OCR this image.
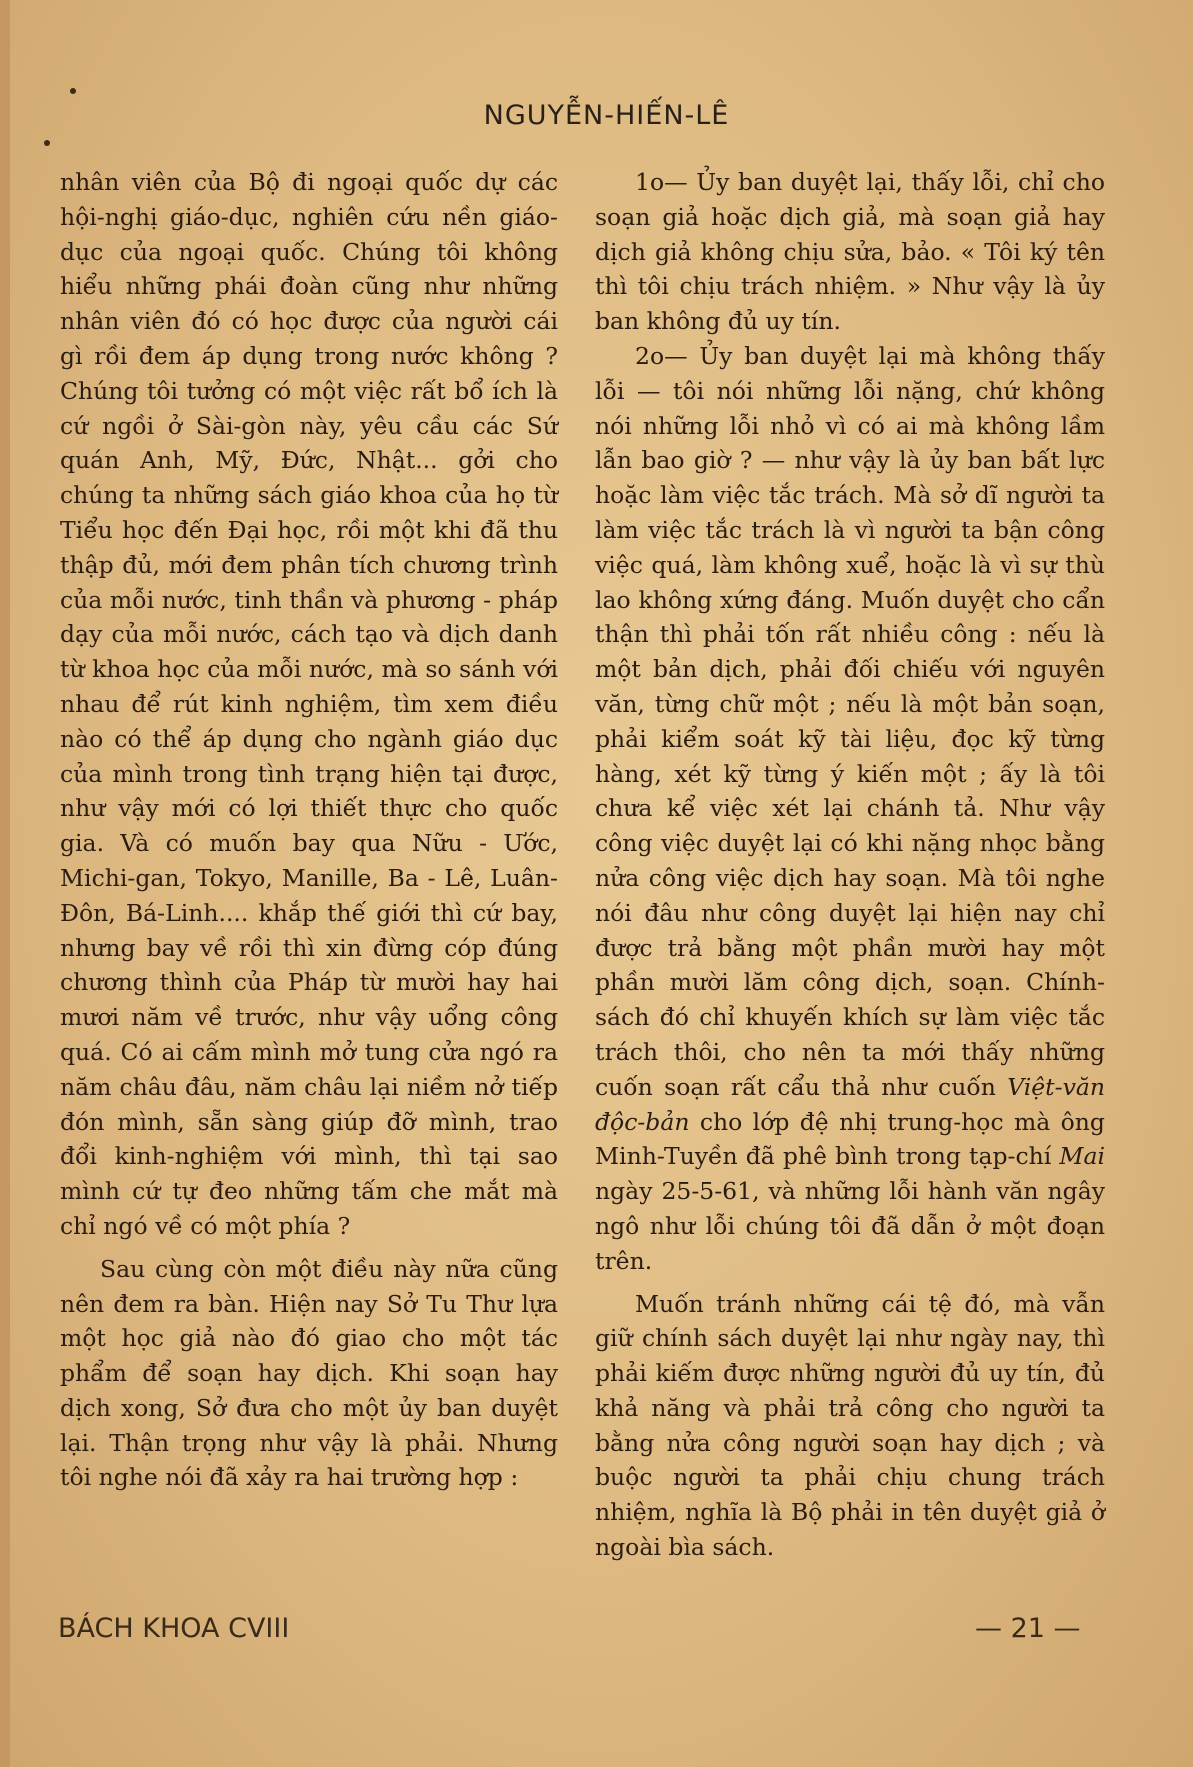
NGUYỄN-HIẾN-LÊ

nhân viên của Bộ đi ngoại quốc dự các hội-nghị giáo-dục, nghiên cứu nền giáo-dục của ngoại quốc. Chúng tôi không hiểu những phái đoàn cũng như những nhân viên đó có học được của người cái gì rồi đem áp dụng trong nước không ? Chúng tôi tưởng có một việc rất bổ ích là cứ ngồi ở Sài-gòn này, yêu cầu các Sứ quán Anh, Mỹ, Đức, Nhật... gởi cho chúng ta những sách giáo khoa của họ từ Tiểu học đến Đại học, rồi một khi đã thu thập đủ, mới đem phân tích chương trình của mỗi nước, tinh thần và phương - pháp dạy của mỗi nước, cách tạo và dịch danh từ khoa học của mỗi nước, mà so sánh với nhau để rút kinh nghiệm, tìm xem điều nào có thể áp dụng cho ngành giáo dục của mình trong tình trạng hiện tại được, như vậy mới có lợi thiết thực cho quốc gia. Và có muốn bay qua Nữu - Ước, Michi-gan, Tokyo, Manille, Ba - Lê, Luân-Đôn, Bá-Linh.... khắp thế giới thì cứ bay, nhưng bay về rồi thì xin đừng cóp đúng chương thình của Pháp từ mười hay hai mươi năm về trước, như vậy uổng công quá. Có ai cấm mình mở tung cửa ngó ra năm châu đâu, năm châu lại niềm nở tiếp đón mình, sẵn sàng giúp đỡ mình, trao đổi kinh-nghiệm với mình, thì tại sao mình cứ tự đeo những tấm che mắt mà chỉ ngó về có một phía ?

Sau cùng còn một điều này nữa cũng nên đem ra bàn. Hiện nay Sở Tu Thư lựa một học giả nào đó giao cho một tác phẩm để soạn hay dịch. Khi soạn hay dịch xong, Sở đưa cho một ủy ban duyệt lại. Thận trọng như vậy là phải. Nhưng tôi nghe nói đã xảy ra hai trường hợp :

1o— Ủy ban duyệt lại, thấy lỗi, chỉ cho soạn giả hoặc dịch giả, mà soạn giả hay dịch giả không chịu sửa, bảo. « Tôi ký tên thì tôi chịu trách nhiệm. » Như vậy là ủy ban không đủ uy tín.

2o— Ủy ban duyệt lại mà không thấy lỗi — tôi nói những lỗi nặng, chứ không nói những lỗi nhỏ vì có ai mà không lầm lẫn bao giờ ? — như vậy là ủy ban bất lực hoặc làm việc tắc trách. Mà sở dĩ người ta làm việc tắc trách là vì người ta bận công việc quá, làm không xuể, hoặc là vì sự thù lao không xứng đáng. Muốn duyệt cho cẩn thận thì phải tốn rất nhiều công : nếu là một bản dịch, phải đối chiếu với nguyên văn, từng chữ một ; nếu là một bản soạn, phải kiểm soát kỹ tài liệu, đọc kỹ từng hàng, xét kỹ từng ý kiến một ; ấy là tôi chưa kể việc xét lại chánh tả. Như vậy công việc duyệt lại có khi nặng nhọc bằng nửa công việc dịch hay soạn. Mà tôi nghe nói đâu như công duyệt lại hiện nay chỉ được trả bằng một phần mười hay một phần mười lăm công dịch, soạn. Chính-sách đó chỉ khuyến khích sự làm việc tắc trách thôi, cho nên ta mới thấy những cuốn soạn rất cẩu thả như cuốn Việt-văn độc-bản cho lớp đệ nhị trung-học mà ông Minh-Tuyền đã phê bình trong tạp-chí Mai ngày 25-5-61, và những lỗi hành văn ngây ngô như lỗi chúng tôi đã dẫn ở một đoạn trên.

Muốn tránh những cái tệ đó, mà vẫn giữ chính sách duyệt lại như ngày nay, thì phải kiếm được những người đủ uy tín, đủ khả năng và phải trả công cho người ta bằng nửa công người soạn hay dịch ; và buộc người ta phải chịu chung trách nhiệm, nghĩa là Bộ phải in tên duyệt giả ở ngoài bìa sách.

BÁCH KHOA CVIII	— 21 —
